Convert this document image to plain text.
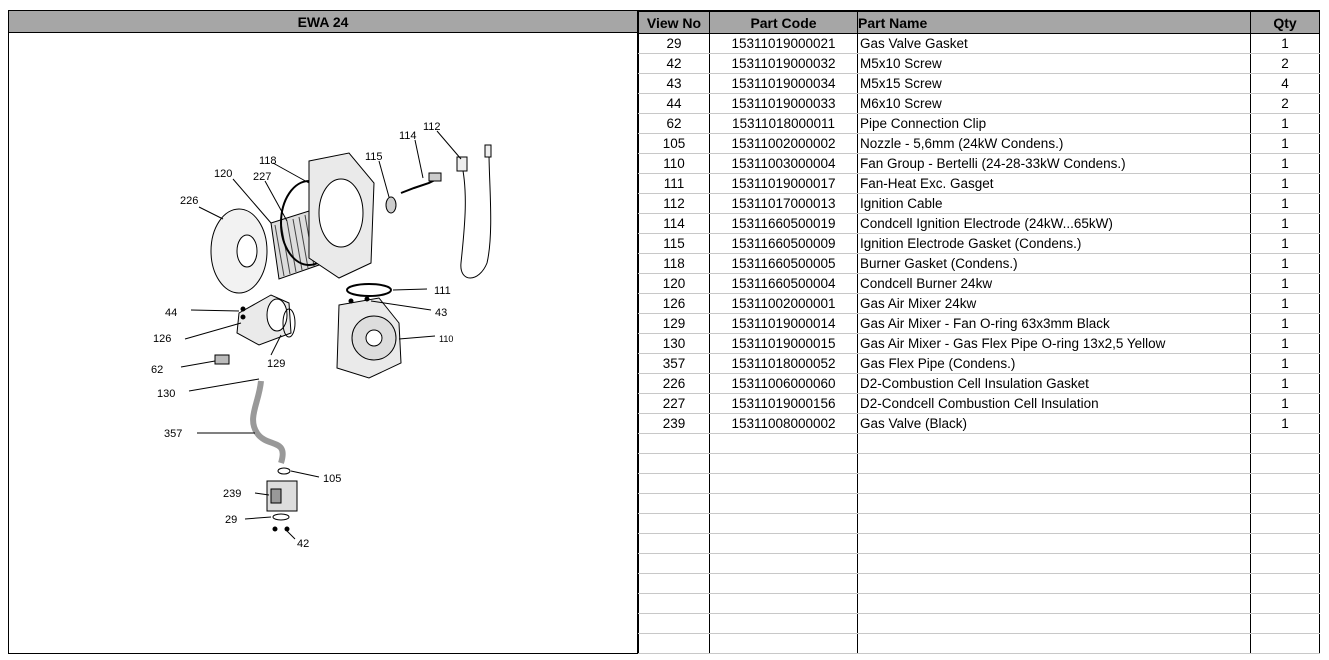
EWA 24
114
112
115
118
120 227
226
111
44	43
126	110
129
62
130
357
105
239
29
42
View No	Part Code	Part Name	Qty
29	15311019000021	Gas Valve Gasket	1
42	15311019000032	M5x10 Screw	2
43	15311019000034	M5x15 Screw	4
44	15311019000033	M6x10 Screw	2
62	15311018000011	Pipe Connection Clip	1
105	15311002000002	Nozzle - 5,6mm (24kW Condens.)	1
110	15311003000004	Fan Group - Bertelli (24-28-33kW Condens.)	1
111	15311019000017	Fan-Heat Exc. Gasget	1
112	15311017000013	Ignition Cable	1
114	15311660500019	Condcell Ignition Electrode (24kW...65kW)	1
115	15311660500009	Ignition Electrode Gasket (Condens.)	1
118	15311660500005	Burner Gasket (Condens.)	1
120	15311660500004	Condcell Burner 24kw	1
126	15311002000001	Gas Air Mixer 24kw	1
129	15311019000014	Gas Air Mixer - Fan O-ring 63x3mm Black	1
130	15311019000015	Gas Air Mixer - Gas Flex Pipe O-ring 13x2,5 Yellow	1
357	15311018000052	Gas Flex Pipe (Condens.)	1
226	15311006000060	D2-Combustion Cell Insulation Gasket	1
227	15311019000156	D2-Condcell Combustion Cell Insulation	1
239	15311008000002	Gas Valve (Black)	1
